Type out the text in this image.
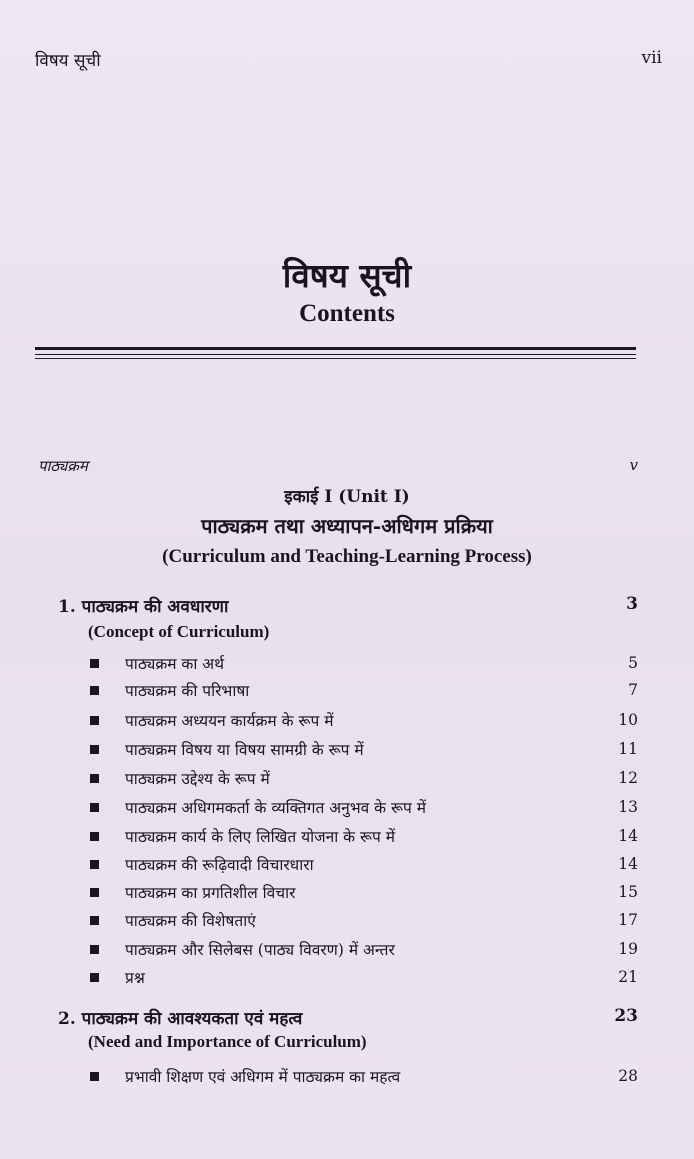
विषय सूची	vii
विषय सूची
Contents
पाठ्यक्रम	v
इकाई I (Unit I)
पाठ्यक्रम तथा अध्यापन-अधिगम प्रक्रिया
(Curriculum and Teaching-Learning Process)
1. पाठ्यक्रम की अवधारणा	3
(Concept of Curriculum)
पाठ्यक्रम का अर्थ	5
पाठ्यक्रम की परिभाषा	7
पाठ्यक्रम अध्ययन कार्यक्रम के रूप में	10
पाठ्यक्रम विषय या विषय सामग्री के रूप में	11
पाठ्यक्रम उद्देश्य के रूप में	12
पाठ्यक्रम अधिगमकर्ता के व्यक्तिगत अनुभव के रूप में	13
पाठ्यक्रम कार्य के लिए लिखित योजना के रूप में	14
पाठ्यक्रम की रूढ़िवादी विचारधारा	14
पाठ्यक्रम का प्रगतिशील विचार	15
पाठ्यक्रम की विशेषताएं	17
पाठ्यक्रम और सिलेबस (पाठ्य विवरण) में अन्तर	19
प्रश्न	21
2. पाठ्यक्रम की आवश्यकता एवं महत्व	23
(Need and Importance of Curriculum)
प्रभावी शिक्षण एवं अधिगम में पाठ्यक्रम का महत्व	28
